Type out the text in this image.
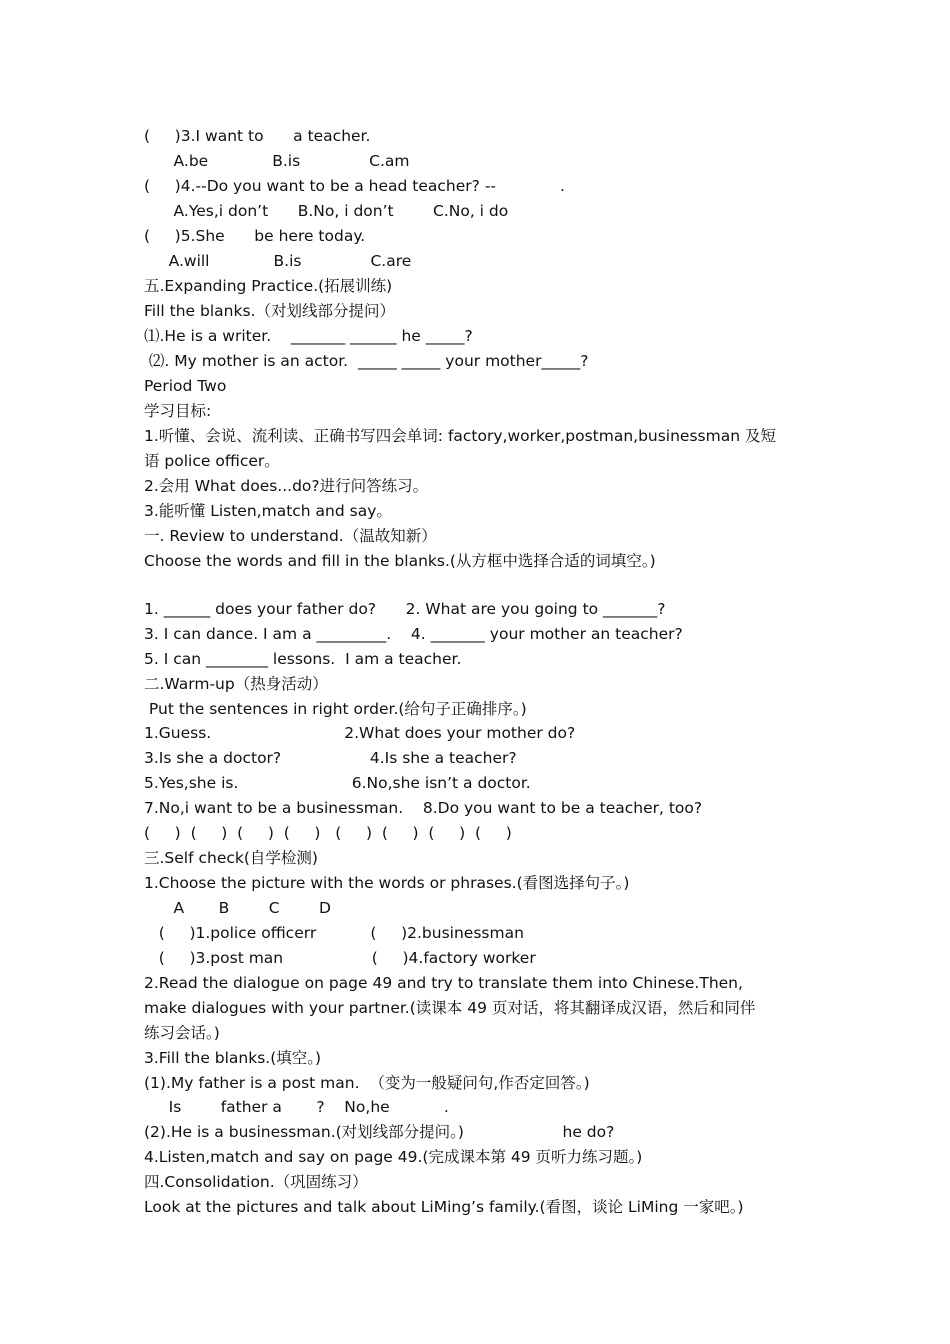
(     )3.I want to      a teacher.
A.be             B.is              C.am
(     )4.--Do you want to be a head teacher? --             .
A.Yes,i don’t      B.No, i don’t        C.No, i do
(     )5.She      be here today.
A.will             B.is              C.are
五.Expanding Practice.(拓展训练)
Fill the blanks.（对划线部分提问）
⑴.He is a writer.    _______ ______ he _____?
⑵. My mother is an actor.  _____ _____ your mother_____?
Period Two
学习目标:
1.听懂、会说、流利读、正确书写四会单词: factory,worker,postman,businessman 及短
语 police officer。
2.会用 What does...do?进行问答练习。
3.能听懂 Listen,match and say。
一. Review to understand.（温故知新）
Choose the words and fill in the blanks.(从方框中选择合适的词填空。)
1. ______ does your father do?      2. What are you going to _______?
3. I can dance. I am a _________.    4. _______ your mother an teacher?
5. I can ________ lessons.  I am a teacher.
二.Warm-up（热身活动）
Put the sentences in right order.(给句子正确排序。)
1.Guess.                           2.What does your mother do?
3.Is she a doctor?                  4.Is she a teacher?
5.Yes,she is.                       6.No,she isn’t a doctor.
7.No,i want to be a businessman.    8.Do you want to be a teacher, too?
(     )  (     )  (     )  (     )   (     )  (     )  (     )  (     )
三.Self check(自学检测)
1.Choose the picture with the words or phrases.(看图选择句子。)
A       B        C        D
(     )1.police officerr           (     )2.businessman
(     )3.post man                  (     )4.factory worker
2.Read the dialogue on page 49 and try to translate them into Chinese.Then,
make dialogues with your partner.(读课本 49 页对话，将其翻译成汉语，然后和同伴
练习会话。)
3.Fill the blanks.(填空。)
(1).My father is a post man.  （变为一般疑问句,作否定回答。)
Is        father a       ?    No,he           .
(2).He is a businessman.(对划线部分提问。)                    he do?
4.Listen,match and say on page 49.(完成课本第 49 页听力练习题。)
四.Consolidation.（巩固练习）
Look at the pictures and talk about LiMing’s family.(看图，谈论 LiMing 一家吧。)
